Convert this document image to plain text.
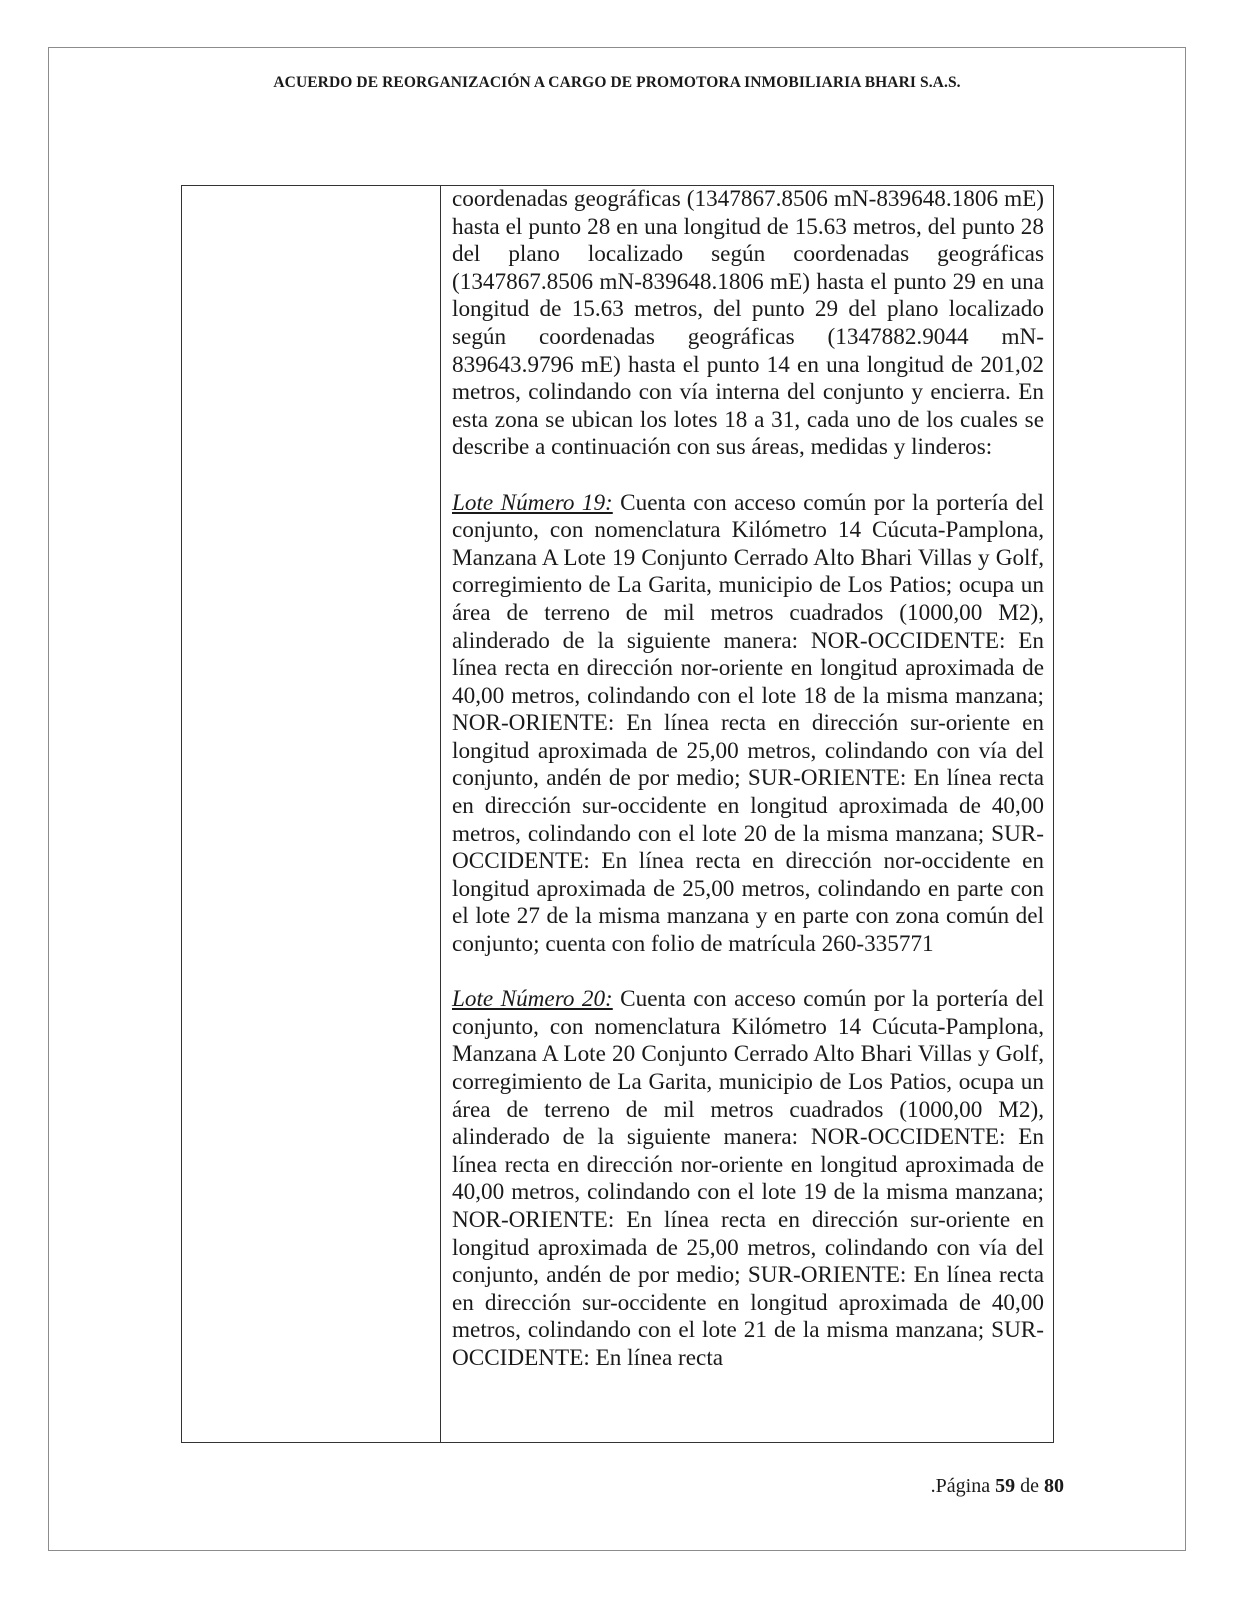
ACUERDO DE REORGANIZACIÓN A CARGO DE PROMOTORA INMOBILIARIA BHARI S.A.S.

coordenadas geográficas (1347867.8506 mN-839648.1806 mE) hasta el punto 28 en una longitud de 15.63 metros, del punto 28 del plano localizado según coordenadas geográficas (1347867.8506 mN-839648.1806 mE) hasta el punto 29 en una longitud de 15.63 metros, del punto 29 del plano localizado según coordenadas geográficas (1347882.9044 mN-839643.9796 mE) hasta el punto 14 en una longitud de 201,02 metros, colindando con vía interna del conjunto y encierra. En esta zona se ubican los lotes 18 a 31, cada uno de los cuales se describe a continuación con sus áreas, medidas y linderos:

Lote Número 19: Cuenta con acceso común por la portería del conjunto, con nomenclatura Kilómetro 14 Cúcuta-Pamplona, Manzana A Lote 19 Conjunto Cerrado Alto Bhari Villas y Golf, corregimiento de La Garita, municipio de Los Patios; ocupa un área de terreno de mil metros cuadrados (1000,00 M2), alinderado de la siguiente manera: NOR-OCCIDENTE: En línea recta en dirección nor-oriente en longitud aproximada de 40,00 metros, colindando con el lote 18 de la misma manzana; NOR-ORIENTE: En línea recta en dirección sur-oriente en longitud aproximada de 25,00 metros, colindando con vía del conjunto, andén de por medio; SUR-ORIENTE: En línea recta en dirección sur-occidente en longitud aproximada de 40,00 metros, colindando con el lote 20 de la misma manzana; SUR-OCCIDENTE: En línea recta en dirección nor-occidente en longitud aproximada de 25,00 metros, colindando en parte con el lote 27 de la misma manzana y en parte con zona común del conjunto; cuenta con folio de matrícula 260-335771

Lote Número 20: Cuenta con acceso común por la portería del conjunto, con nomenclatura Kilómetro 14 Cúcuta-Pamplona, Manzana A Lote 20 Conjunto Cerrado Alto Bhari Villas y Golf, corregimiento de La Garita, municipio de Los Patios, ocupa un área de terreno de mil metros cuadrados (1000,00 M2), alinderado de la siguiente manera: NOR-OCCIDENTE: En línea recta en dirección nor-oriente en longitud aproximada de 40,00 metros, colindando con el lote 19 de la misma manzana; NOR-ORIENTE: En línea recta en dirección sur-oriente en longitud aproximada de 25,00 metros, colindando con vía del conjunto, andén de por medio; SUR-ORIENTE: En línea recta en dirección sur-occidente en longitud aproximada de 40,00 metros, colindando con el lote 21 de la misma manzana; SUR-OCCIDENTE: En línea recta

.Página 59 de 80
